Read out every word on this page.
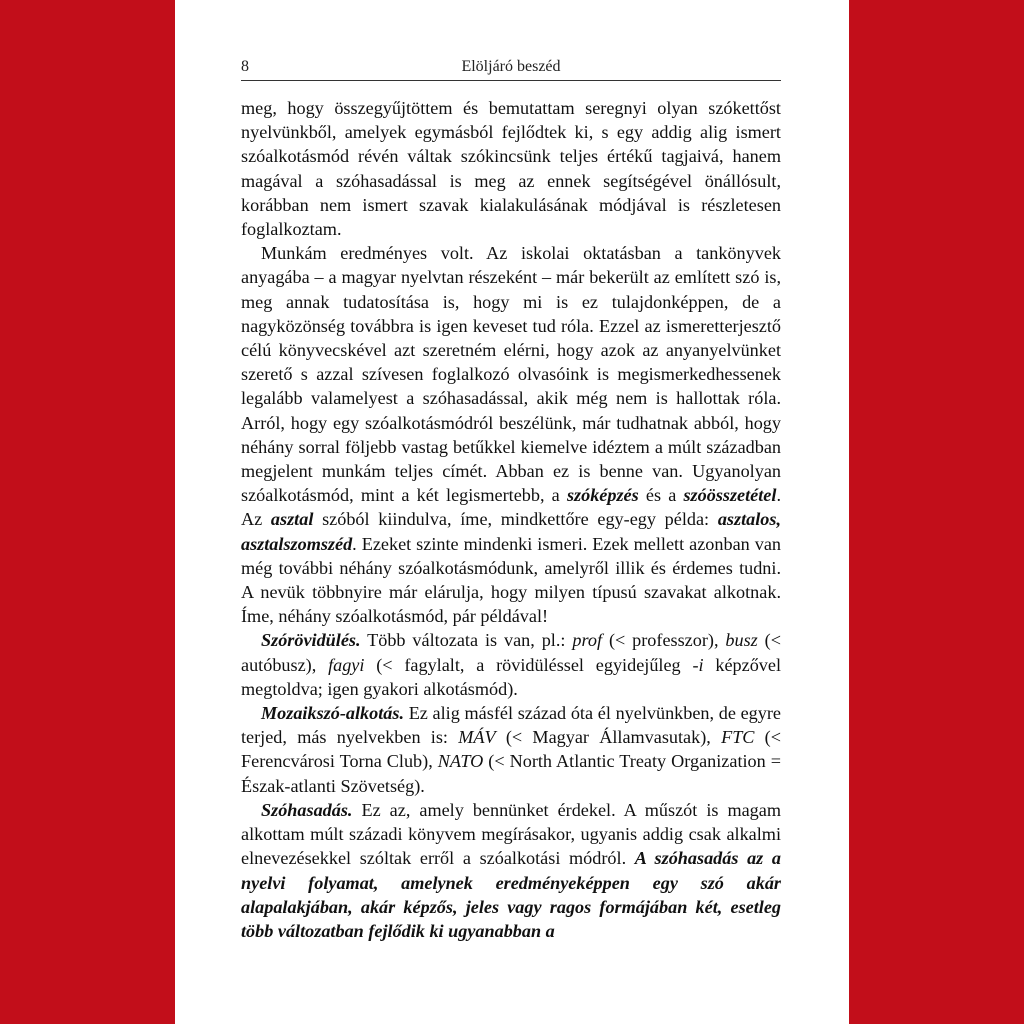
8	Elöljáró beszéd

meg, hogy összegyűjtöttem és bemutattam seregnyi olyan szókettőst nyelvünkből, amelyek egymásból fejlődtek ki, s egy addig alig ismert szóalkotásmód révén váltak szókincsünk teljes értékű tagjaivá, hanem magával a szóhasadással is meg az ennek segítségével önállósult, korábban nem ismert szavak kialakulásának módjával is részletesen foglalkoztam.

Munkám eredményes volt. Az iskolai oktatásban a tankönyvek anyagába – a magyar nyelvtan részeként – már bekerült az említett szó is, meg annak tudatosítása is, hogy mi is ez tulajdonképpen, de a nagyközönség továbbra is igen keveset tud róla. Ezzel az ismeretterjesztő célú könyvecskével azt szeretném elérni, hogy azok az anyanyelvünket szerető s azzal szívesen foglalkozó olvasóink is megismerkedhessenek legalább valamelyest a szóhasadással, akik még nem is hallottak róla. Arról, hogy egy szóalkotásmódról beszélünk, már tudhatnak abból, hogy néhány sorral följebb vastag betűkkel kiemelve idéztem a múlt században megjelent munkám teljes címét. Abban ez is benne van. Ugyanolyan szóalkotásmód, mint a két legismertebb, a szóképzés és a szóösszetétel. Az asztal szóból kiindulva, íme, mindkettőre egy-egy példa: asztalos, asztalszomszéd. Ezeket szinte mindenki ismeri. Ezek mellett azonban van még további néhány szóalkotásmódunk, amelyről illik és érdemes tudni. A nevük többnyire már elárulja, hogy milyen típusú szavakat alkotnak. Íme, néhány szóalkotásmód, pár példával!

Szórövidülés. Több változata is van, pl.: prof (< professzor), busz (< autóbusz), fagyi (< fagylalt, a rövidüléssel egyidejűleg -i képzővel megtoldva; igen gyakori alkotásmód).

Mozaikszó-alkotás. Ez alig másfél század óta él nyelvünkben, de egyre terjed, más nyelvekben is: MÁV (< Magyar Államvasutak), FTC (< Ferencvárosi Torna Club), NATO (< North Atlantic Treaty Organization = Észak-atlanti Szövetség).

Szóhasadás. Ez az, amely bennünket érdekel. A műszót is magam alkottam múlt századi könyvem megírásakor, ugyanis addig csak alkalmi elnevezésekkel szóltak erről a szóalkotási módról. A szóhasadás az a nyelvi folyamat, amelynek eredményeképpen egy szó akár alapalakjában, akár képzős, jeles vagy ragos formájában két, esetleg több változatban fejlődik ki ugyanabban a
